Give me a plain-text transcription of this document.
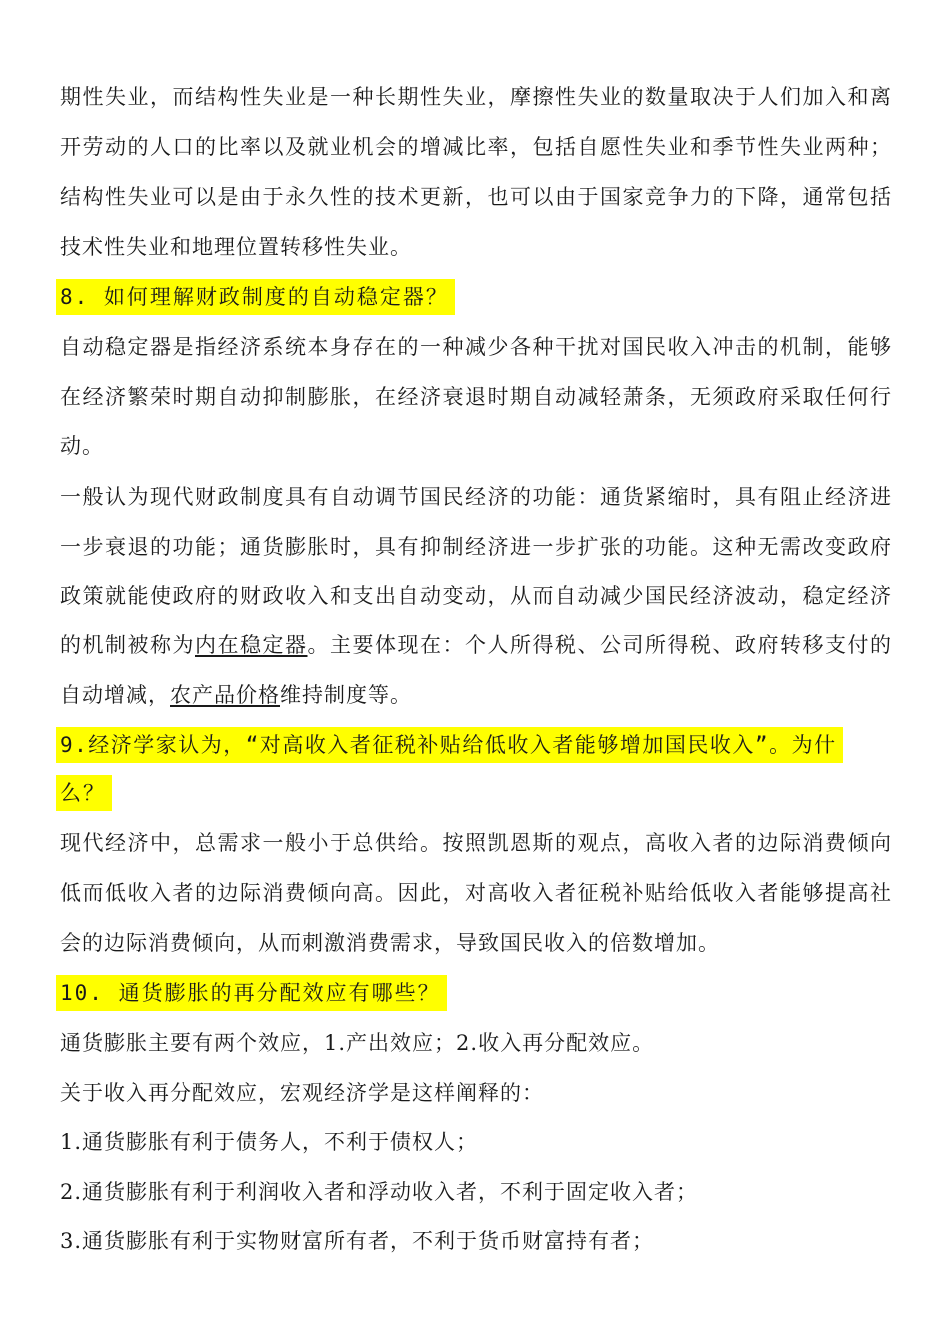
期性失业，而结构性失业是一种长期性失业，摩擦性失业的数量取决于人们加入和离
开劳动的人口的比率以及就业机会的增减比率，包括自愿性失业和季节性失业两种；
结构性失业可以是由于永久性的技术更新，也可以由于国家竞争力的下降，通常包括
技术性失业和地理位置转移性失业。
8. 如何理解财政制度的自动稳定器？
自动稳定器是指经济系统本身存在的一种减少各种干扰对国民收入冲击的机制，能够
在经济繁荣时期自动抑制膨胀，在经济衰退时期自动减轻萧条，无须政府采取任何行
动。
一般认为现代财政制度具有自动调节国民经济的功能：通货紧缩时，具有阻止经济进
一步衰退的功能；通货膨胀时，具有抑制经济进一步扩张的功能。这种无需改变政府
政策就能使政府的财政收入和支出自动变动，从而自动减少国民经济波动，稳定经济
的机制被称为内在稳定器。主要体现在：个人所得税、公司所得税、政府转移支付的
自动增减，农产品价格维持制度等。
9.经济学家认为，“对高收入者征税补贴给低收入者能够增加国民收入”。为什
么？
现代经济中，总需求一般小于总供给。按照凯恩斯的观点，高收入者的边际消费倾向
低而低收入者的边际消费倾向高。因此，对高收入者征税补贴给低收入者能够提高社
会的边际消费倾向，从而刺激消费需求，导致国民收入的倍数增加。
10. 通货膨胀的再分配效应有哪些？
通货膨胀主要有两个效应，1.产出效应；2.收入再分配效应。
关于收入再分配效应，宏观经济学是这样阐释的：
1.通货膨胀有利于债务人，不利于债权人；
2.通货膨胀有利于利润收入者和浮动收入者，不利于固定收入者；
3.通货膨胀有利于实物财富所有者，不利于货币财富持有者；
